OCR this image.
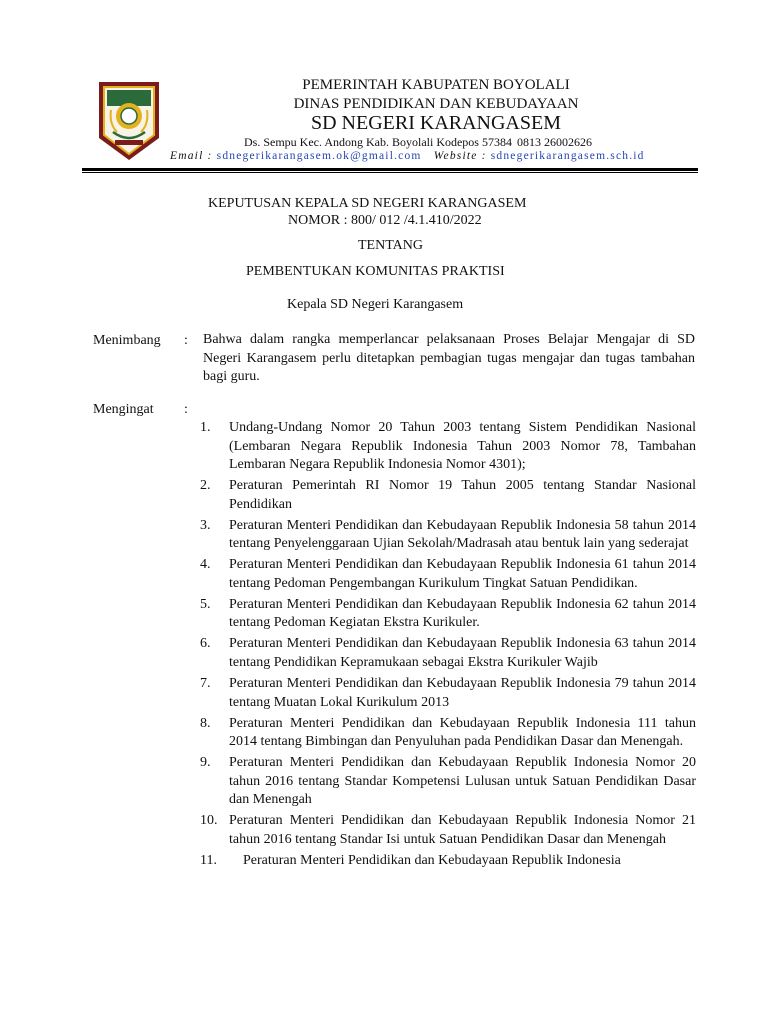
PEMERINTAH KABUPATEN BOYOLALI
DINAS PENDIDIKAN DAN KEBUDAYAAN
SD NEGERI KARANGASEM
Ds. Sempu Kec. Andong Kab. Boyolali Kodepos 57384  0813 26002626
Email : sdnegerikarangasem.ok@gmail.com Website : sdnegerikarangasem.sch.id
KEPUTUSAN KEPALA SD NEGERI KARANGASEM
NOMOR : 800/ 012 /4.1.410/2022
TENTANG
PEMBENTUKAN KOMUNITAS PRAKTISI
Kepala SD Negeri Karangasem
Menimbang : Bahwa dalam rangka memperlancar pelaksanaan Proses Belajar Mengajar di SD Negeri Karangasem perlu ditetapkan pembagian tugas mengajar dan tugas tambahan bagi guru.
Mengingat :
1. Undang-Undang Nomor 20 Tahun 2003 tentang Sistem Pendidikan Nasional (Lembaran Negara Republik Indonesia Tahun 2003 Nomor 78, Tambahan Lembaran Negara Republik Indonesia Nomor 4301);
2. Peraturan Pemerintah RI Nomor 19 Tahun 2005 tentang Standar Nasional Pendidikan
3. Peraturan Menteri Pendidikan dan Kebudayaan Republik Indonesia 58 tahun 2014 tentang Penyelenggaraan Ujian Sekolah/Madrasah atau bentuk lain yang sederajat
4. Peraturan Menteri Pendidikan dan Kebudayaan Republik Indonesia 61 tahun 2014 tentang Pedoman Pengembangan Kurikulum Tingkat Satuan Pendidikan.
5. Peraturan Menteri Pendidikan dan Kebudayaan Republik Indonesia 62 tahun 2014 tentang Pedoman Kegiatan Ekstra Kurikuler.
6. Peraturan Menteri Pendidikan dan Kebudayaan Republik Indonesia 63 tahun 2014 tentang Pendidikan Kepramukaan sebagai Ekstra Kurikuler Wajib
7. Peraturan Menteri Pendidikan dan Kebudayaan Republik Indonesia 79 tahun 2014 tentang Muatan Lokal Kurikulum 2013
8. Peraturan Menteri Pendidikan dan Kebudayaan Republik Indonesia 111 tahun 2014 tentang Bimbingan dan Penyuluhan pada Pendidikan Dasar dan Menengah.
9. Peraturan Menteri Pendidikan dan Kebudayaan Republik Indonesia Nomor 20 tahun 2016 tentang Standar Kompetensi Lulusan untuk Satuan Pendidikan Dasar dan Menengah
10. Peraturan Menteri Pendidikan dan Kebudayaan Republik Indonesia Nomor 21 tahun 2016 tentang Standar Isi untuk Satuan Pendidikan Dasar dan Menengah
11.  Peraturan Menteri Pendidikan dan Kebudayaan Republik Indonesia
